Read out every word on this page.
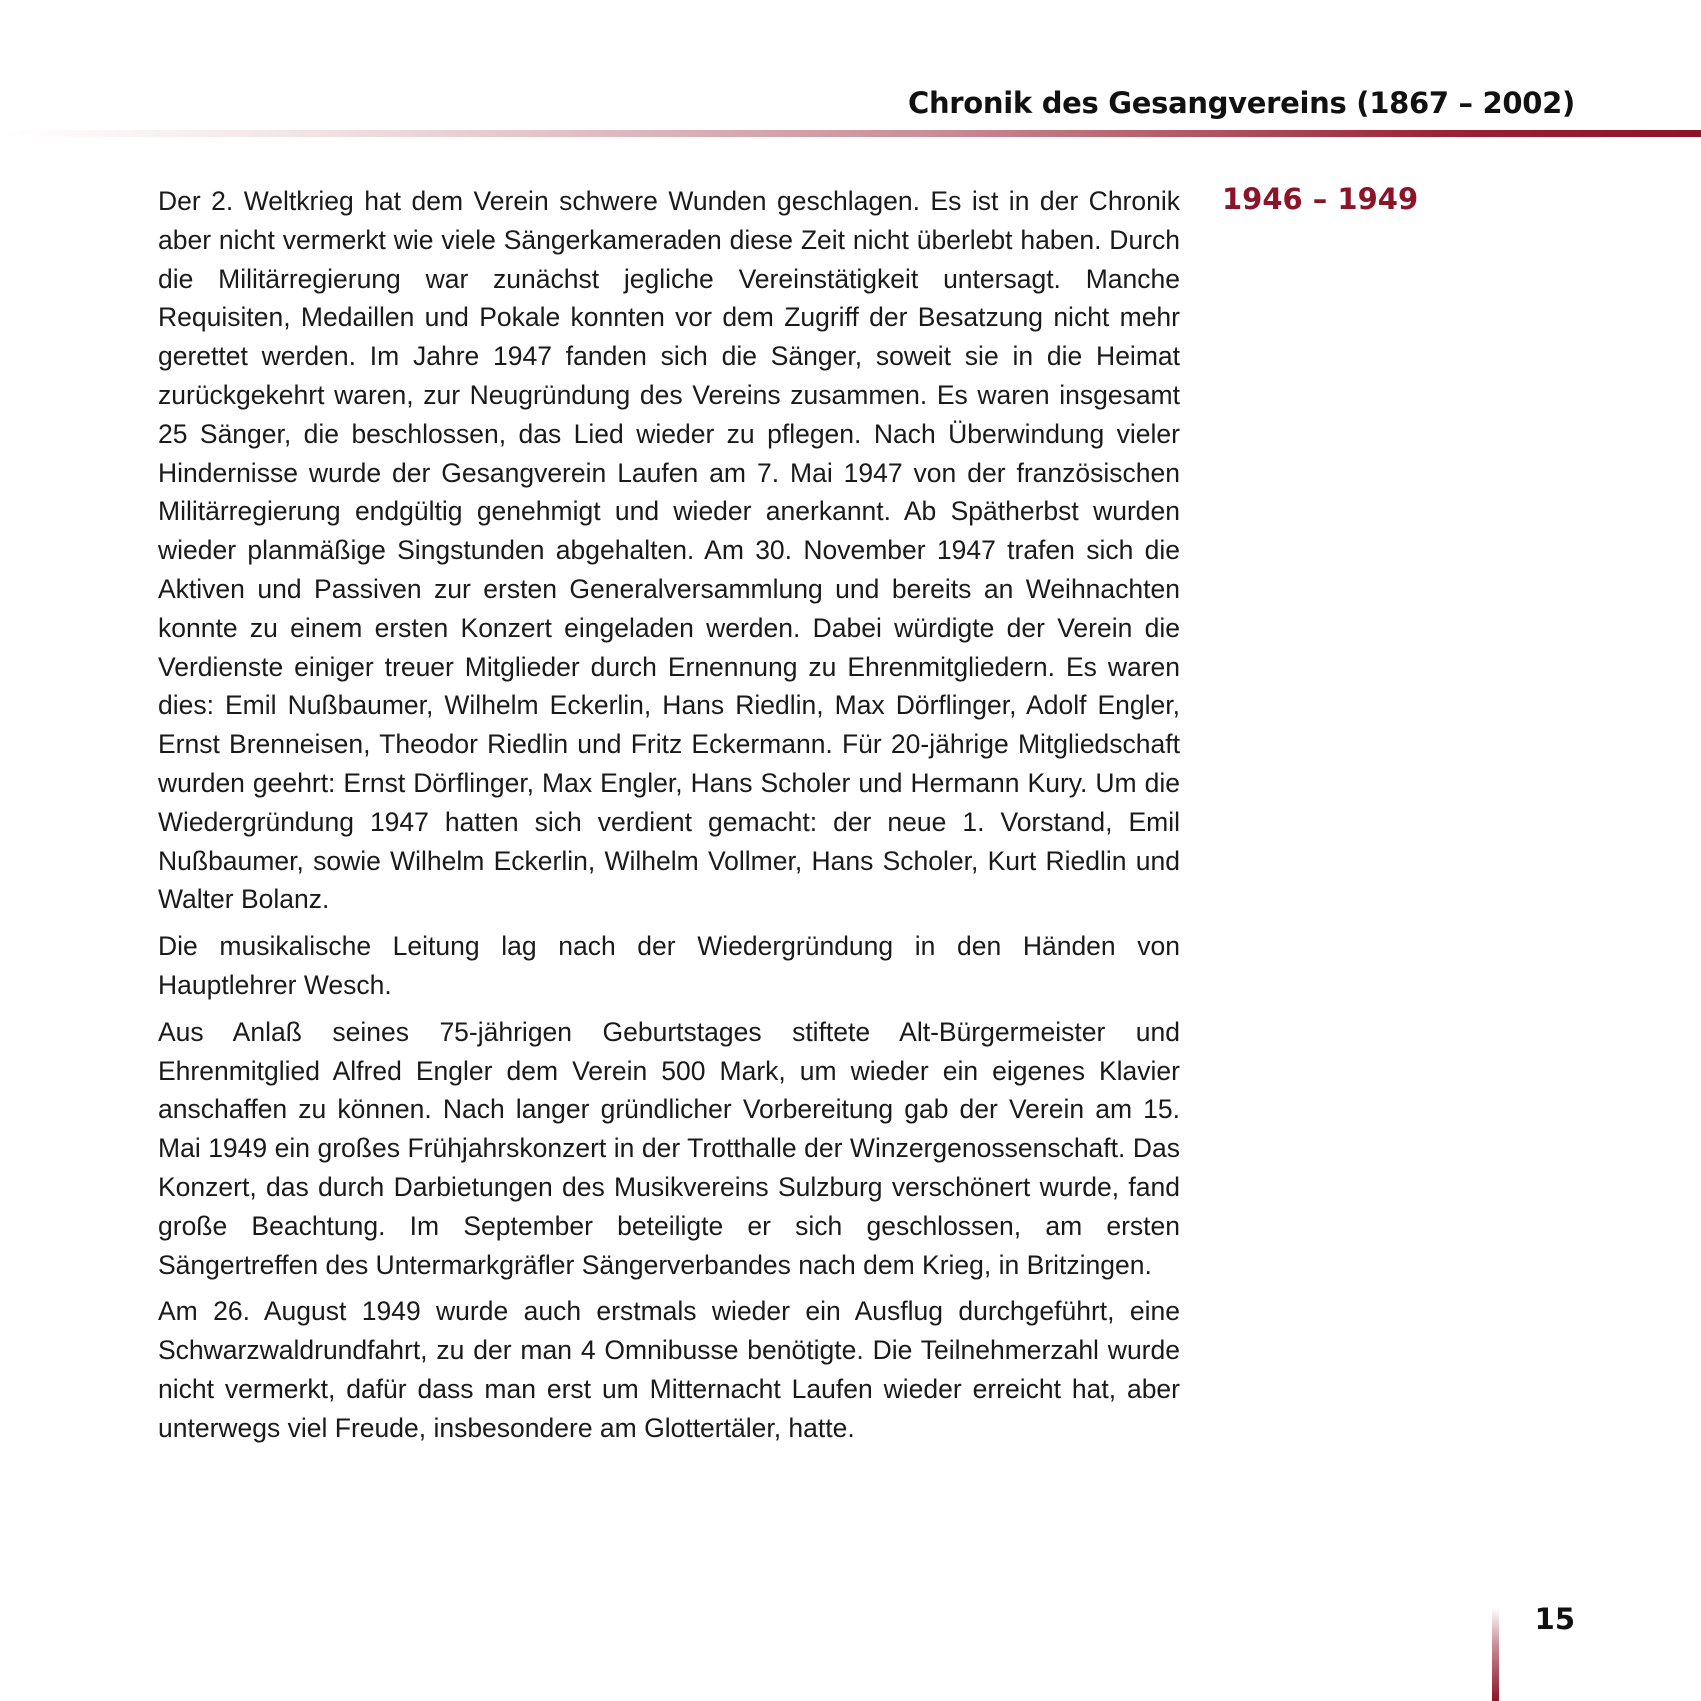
Chronik des Gesangvereins (1867 – 2002)
1946 – 1949

Der 2. Weltkrieg hat dem Verein schwere Wunden geschlagen. Es ist in der Chronik aber nicht vermerkt wie viele Sängerkameraden diese Zeit nicht überlebt haben. Durch die Militärregierung war zunächst jegliche Vereinstätigkeit untersagt. Manche Requisiten, Medaillen und Pokale konnten vor dem Zugriff der Besatzung nicht mehr gerettet werden. Im Jahre 1947 fanden sich die Sänger, soweit sie in die Heimat zurückgekehrt waren, zur Neugründung des Vereins zusammen. Es waren insgesamt 25 Sänger, die beschlossen, das Lied wieder zu pflegen. Nach Überwindung vieler Hindernisse wurde der Gesangverein Laufen am 7. Mai 1947 von der französischen Militärregierung endgültig genehmigt und wieder anerkannt. Ab Spätherbst wurden wieder planmäßige Singstunden abgehalten. Am 30. November 1947 trafen sich die Aktiven und Passiven zur ersten Generalversammlung und bereits an Weihnachten konnte zu einem ersten Konzert eingeladen werden. Dabei würdigte der Verein die Verdienste einiger treuer Mitglieder durch Ernennung zu Ehrenmitgliedern. Es waren dies: Emil Nußbaumer, Wilhelm Eckerlin, Hans Riedlin, Max Dörflinger, Adolf Engler, Ernst Brenneisen, Theodor Riedlin und Fritz Eckermann. Für 20-jährige Mitgliedschaft wurden geehrt: Ernst Dörflinger, Max Engler, Hans Scholer und Hermann Kury. Um die Wiedergründung 1947 hatten sich verdient gemacht: der neue 1. Vorstand, Emil Nußbaumer, sowie Wilhelm Eckerlin, Wilhelm Vollmer, Hans Scholer, Kurt Riedlin und Walter Bolanz.

Die musikalische Leitung lag nach der Wiedergründung in den Händen von Hauptlehrer Wesch.

Aus Anlaß seines 75-jährigen Geburtstages stiftete Alt-Bürgermeister und Ehrenmitglied Alfred Engler dem Verein 500 Mark, um wieder ein eigenes Klavier anschaffen zu können. Nach langer gründlicher Vorbereitung gab der Verein am 15. Mai 1949 ein großes Frühjahrskonzert in der Trotthalle der Winzergenossenschaft. Das Konzert, das durch Darbietungen des Musikvereins Sulzburg verschönert wurde, fand große Beachtung. Im September beteiligte er sich geschlossen, am ersten Sängertreffen des Untermarkgräfler Sängerverbandes nach dem Krieg, in Britzingen.

Am 26. August 1949 wurde auch erstmals wieder ein Ausflug durchgeführt, eine Schwarzwaldrundfahrt, zu der man 4 Omnibusse benötigte. Die Teilnehmerzahl wurde nicht vermerkt, dafür dass man erst um Mitternacht Laufen wieder erreicht hat, aber unterwegs viel Freude, insbesondere am Glottertäler, hatte.

15
